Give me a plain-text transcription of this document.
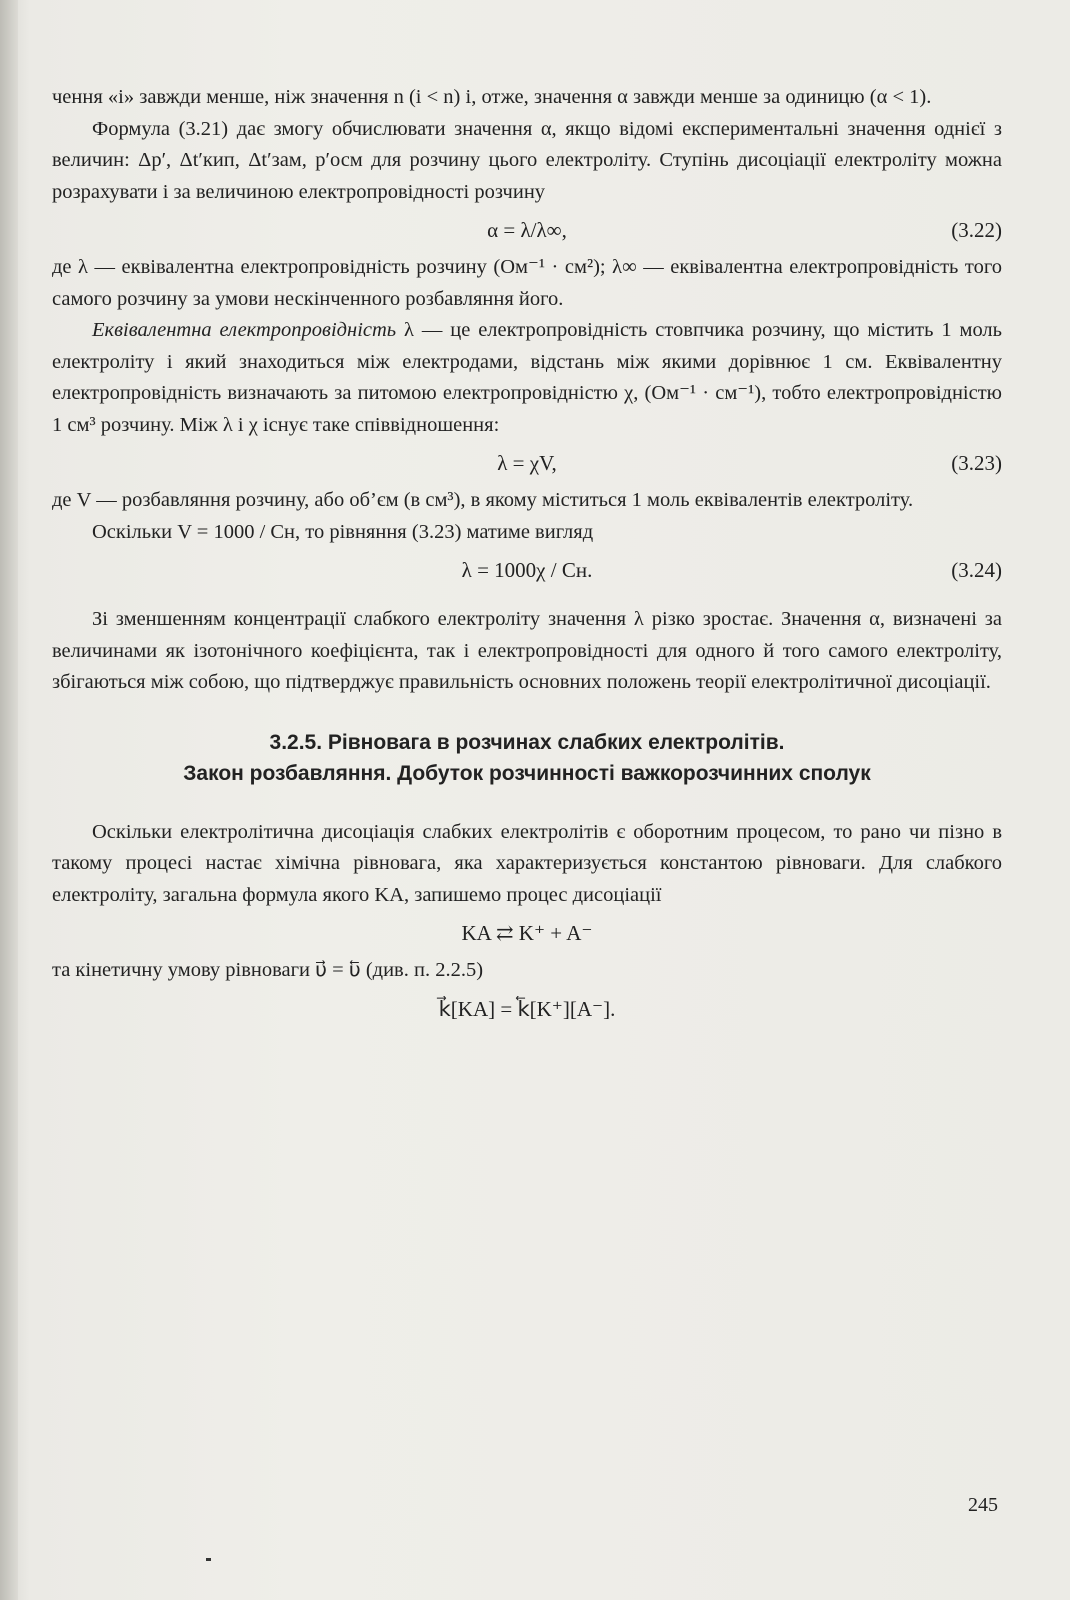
чення «i» завжди менше, ніж значення n (i < n) і, отже, значення α завжди менше за одиницю (α < 1).

Формула (3.21) дає змогу обчислювати значення α, якщо відомі експериментальні значення однієї з величин: Δp′, Δt′кип, Δt′зам, p′осм для розчину цього електроліту. Ступінь дисоціації електроліту можна розрахувати і за величиною електропровідності розчину

α = λ/λ∞,	(3.22)

де λ — еквівалентна електропровідність розчину (Ом⁻¹ · см²); λ∞ — еквівалентна електропровідність того самого розчину за умови нескінченного розбавляння його.

Еквівалентна електропровідність λ — це електропровідність стовпчика розчину, що містить 1 моль електроліту і який знаходиться між електродами, відстань між якими дорівнює 1 см. Еквівалентну електропровідність визначають за питомою електропровідністю χ, (Ом⁻¹ · см⁻¹), тобто електропровідністю 1 см³ розчину. Між λ і χ існує таке співвідношення:

λ = χV,	(3.23)

де V — розбавляння розчину, або об’єм (в см³), в якому міститься 1 моль еквівалентів електроліту.

Оскільки V = 1000 / Cн, то рівняння (3.23) матиме вигляд

λ = 1000χ / Cн.	(3.24)

Зі зменшенням концентрації слабкого електроліту значення λ різко зростає. Значення α, визначені за величинами як ізотонічного коефіцієнта, так і електропровідності для одного й того самого електроліту, збігаються між собою, що підтверджує правильність основних положень теорії електролітичної дисоціації.

3.2.5. Рівновага в розчинах слабких електролітів.
Закон розбавляння. Добуток розчинності важкорозчинних сполук

Оскільки електролітична дисоціація слабких електролітів є оборотним процесом, то рано чи пізно в такому процесі настає хімічна рівновага, яка характеризується константою рівноваги. Для слабкого електроліту, загальна формула якого KA, запишемо процес дисоціації

KA ⇄ K⁺ + A⁻

та кінетичну умову рівноваги υ⃗ = υ⃖ (див. п. 2.2.5)

k⃗[KA] = k⃖[K⁺][A⁻].
245
